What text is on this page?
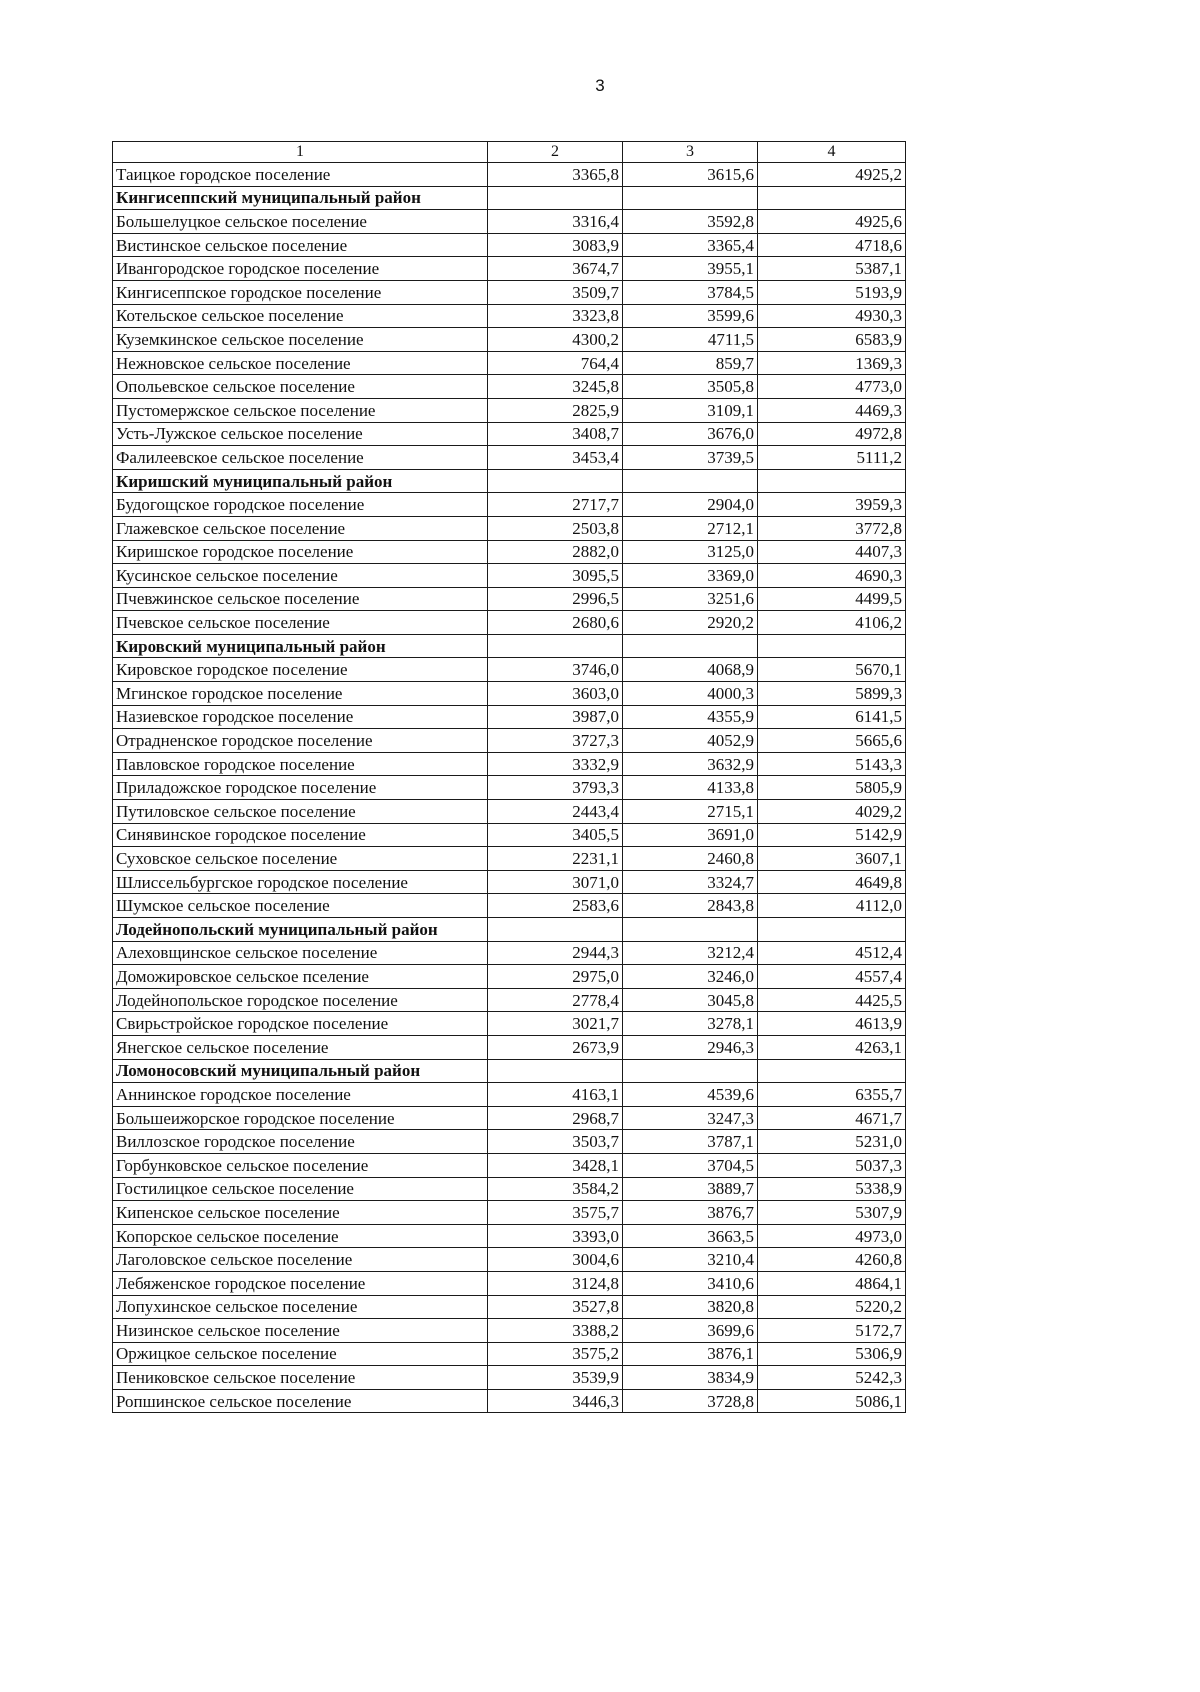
3
1	2	3	4
Таицкое городское поселение	3365,8	3615,6	4925,2
Кингисеппский муниципальный район			
Большелуцкое сельское поселение	3316,4	3592,8	4925,6
Вистинское сельское поселение	3083,9	3365,4	4718,6
Ивангородское городское поселение	3674,7	3955,1	5387,1
Кингисеппское городское поселение	3509,7	3784,5	5193,9
Котельское сельское поселение	3323,8	3599,6	4930,3
Куземкинское сельское поселение	4300,2	4711,5	6583,9
Нежновское сельское поселение	764,4	859,7	1369,3
Опольевское сельское поселение	3245,8	3505,8	4773,0
Пустомержское сельское поселение	2825,9	3109,1	4469,3
Усть-Лужское сельское поселение	3408,7	3676,0	4972,8
Фалилеевское сельское поселение	3453,4	3739,5	5111,2
Киришский муниципальный район			
Будогощское городское поселение	2717,7	2904,0	3959,3
Глажевское сельское поселение	2503,8	2712,1	3772,8
Киришское городское поселение	2882,0	3125,0	4407,3
Кусинское сельское поселение	3095,5	3369,0	4690,3
Пчевжинское сельское поселение	2996,5	3251,6	4499,5
Пчевское сельское поселение	2680,6	2920,2	4106,2
Кировский муниципальный район			
Кировское городское поселение	3746,0	4068,9	5670,1
Мгинское городское поселение	3603,0	4000,3	5899,3
Назиевское городское поселение	3987,0	4355,9	6141,5
Отрадненское городское поселение	3727,3	4052,9	5665,6
Павловское городское поселение	3332,9	3632,9	5143,3
Приладожское городское поселение	3793,3	4133,8	5805,9
Путиловское сельское поселение	2443,4	2715,1	4029,2
Синявинское городское поселение	3405,5	3691,0	5142,9
Суховское сельское поселение	2231,1	2460,8	3607,1
Шлиссельбургское городское поселение	3071,0	3324,7	4649,8
Шумское сельское поселение	2583,6	2843,8	4112,0
Лодейнопольский муниципальный район			
Алеховщинское сельское поселение	2944,3	3212,4	4512,4
Доможировское сельское пселение	2975,0	3246,0	4557,4
Лодейнопольское городское поселение	2778,4	3045,8	4425,5
Свирьстройское городское поселение	3021,7	3278,1	4613,9
Янегское сельское поселение	2673,9	2946,3	4263,1
Ломоносовский муниципальный район			
Аннинское городское поселение	4163,1	4539,6	6355,7
Большеижорское городское поселение	2968,7	3247,3	4671,7
Виллозское городское поселение	3503,7	3787,1	5231,0
Горбунковское сельское поселение	3428,1	3704,5	5037,3
Гостилицкое сельское поселение	3584,2	3889,7	5338,9
Кипенское сельское поселение	3575,7	3876,7	5307,9
Копорское сельское поселение	3393,0	3663,5	4973,0
Лаголовское сельское поселение	3004,6	3210,4	4260,8
Лебяженское городское поселение	3124,8	3410,6	4864,1
Лопухинское сельское поселение	3527,8	3820,8	5220,2
Низинское сельское поселение	3388,2	3699,6	5172,7
Оржицкое сельское поселение	3575,2	3876,1	5306,9
Пениковское сельское поселение	3539,9	3834,9	5242,3
Ропшинское сельское поселение	3446,3	3728,8	5086,1
